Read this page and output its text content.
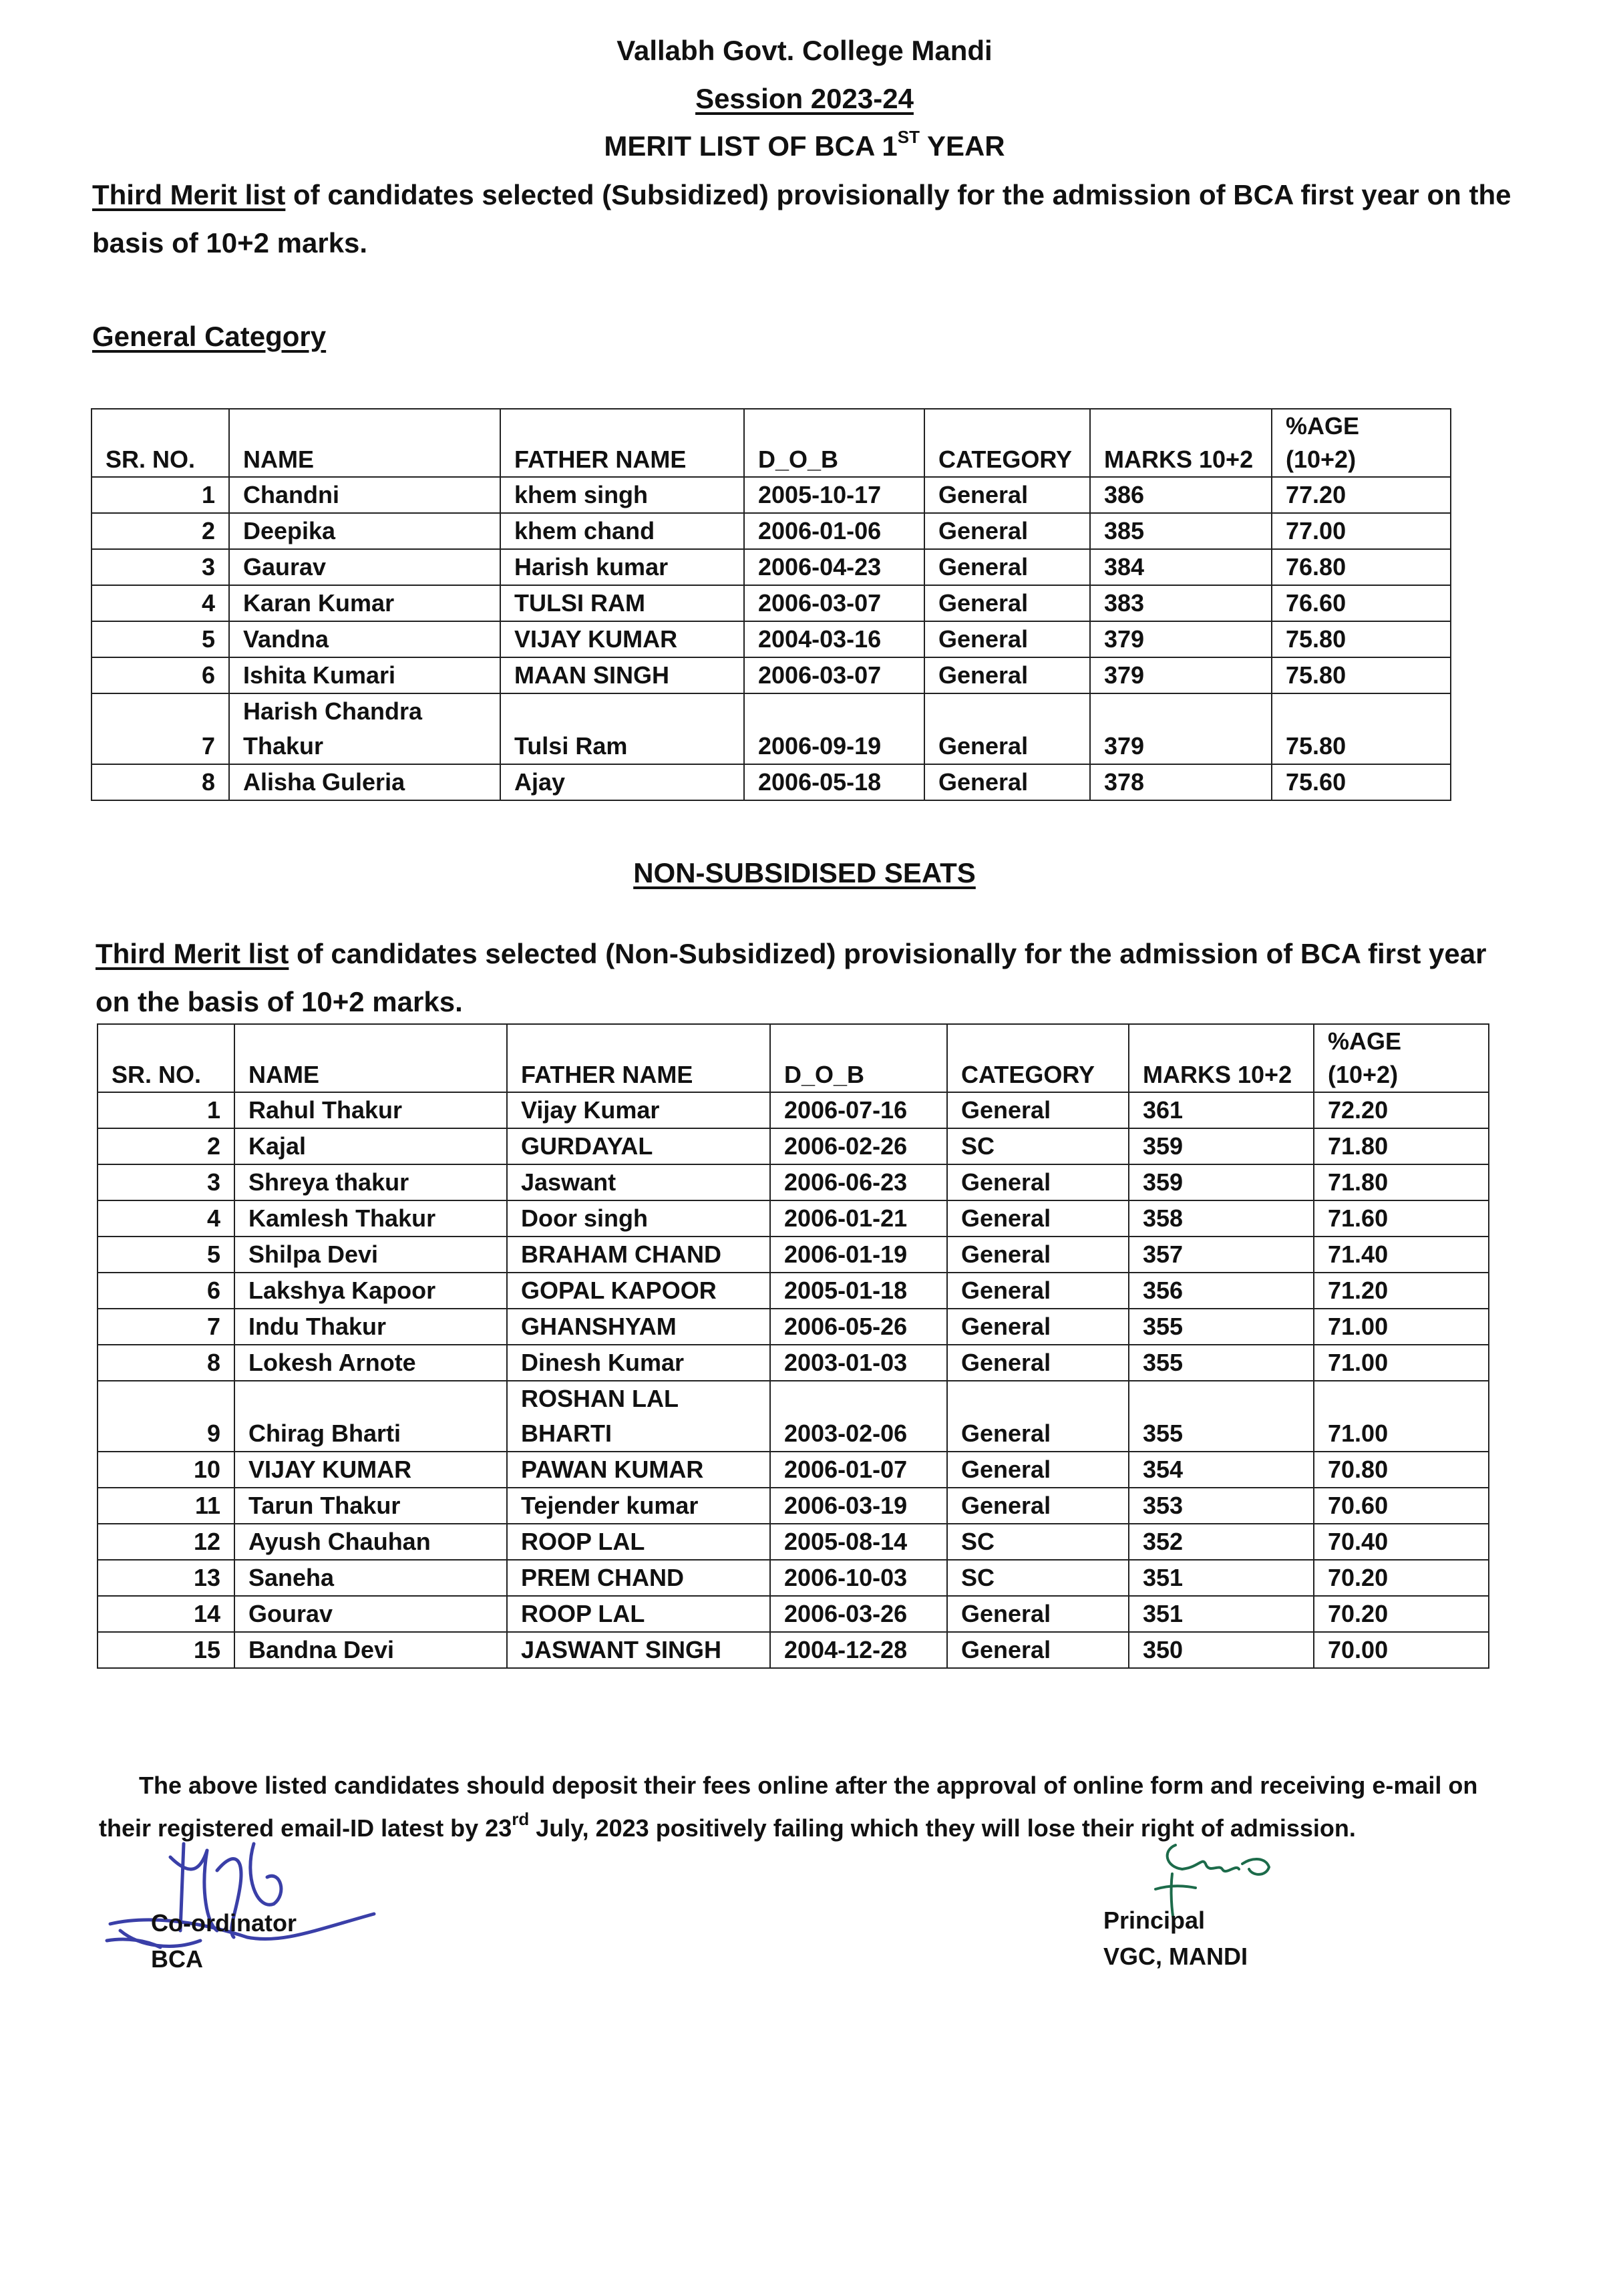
Vallabh Govt. College Mandi
Session 2023-24
MERIT LIST OF BCA 1ST YEAR
Third Merit list of candidates selected (Subsidized) provisionally for the admission of BCA first year on the basis of 10+2 marks.
General Category
SR. NO.	NAME	FATHER NAME	D_O_B	CATEGORY	MARKS 10+2	%AGE
(10+2)
1	Chandni	khem singh	2005-10-17	General	386	77.20
2	Deepika	khem chand	2006-01-06	General	385	77.00
3	Gaurav	Harish kumar	2006-04-23	General	384	76.80
4	Karan Kumar	TULSI RAM	2006-03-07	General	383	76.60
5	Vandna	VIJAY KUMAR	2004-03-16	General	379	75.80
6	Ishita Kumari	MAAN SINGH	2006-03-07	General	379	75.80
7	Harish Chandra Thakur	Tulsi Ram	2006-09-19	General	379	75.80
8	Alisha Guleria	Ajay	2006-05-18	General	378	75.60
NON-SUBSIDISED SEATS
Third Merit list of candidates selected (Non-Subsidized) provisionally for the admission of BCA first year on the basis of 10+2 marks.
SR. NO.	NAME	FATHER NAME	D_O_B	CATEGORY	MARKS 10+2	%AGE
(10+2)
1	Rahul Thakur	Vijay Kumar	2006-07-16	General	361	72.20
2	Kajal	GURDAYAL	2006-02-26	SC	359	71.80
3	Shreya thakur	Jaswant	2006-06-23	General	359	71.80
4	Kamlesh Thakur	Door singh	2006-01-21	General	358	71.60
5	Shilpa Devi	BRAHAM CHAND	2006-01-19	General	357	71.40
6	Lakshya Kapoor	GOPAL KAPOOR	2005-01-18	General	356	71.20
7	Indu Thakur	GHANSHYAM	2006-05-26	General	355	71.00
8	Lokesh Arnote	Dinesh Kumar	2003-01-03	General	355	71.00
9	Chirag Bharti	ROSHAN LAL BHARTI	2003-02-06	General	355	71.00
10	VIJAY KUMAR	PAWAN KUMAR	2006-01-07	General	354	70.80
11	Tarun Thakur	Tejender kumar	2006-03-19	General	353	70.60
12	Ayush Chauhan	ROOP LAL	2005-08-14	SC	352	70.40
13	Saneha	PREM CHAND	2006-10-03	SC	351	70.20
14	Gourav	ROOP LAL	2006-03-26	General	351	70.20
15	Bandna Devi	JASWANT SINGH	2004-12-28	General	350	70.00
The above listed candidates should deposit their fees online after the approval of online form and receiving e-mail on their registered email-ID latest by 23rd July, 2023 positively failing which they will lose their right of admission.
Co-ordinator
BCA
Principal
VGC, MANDI
